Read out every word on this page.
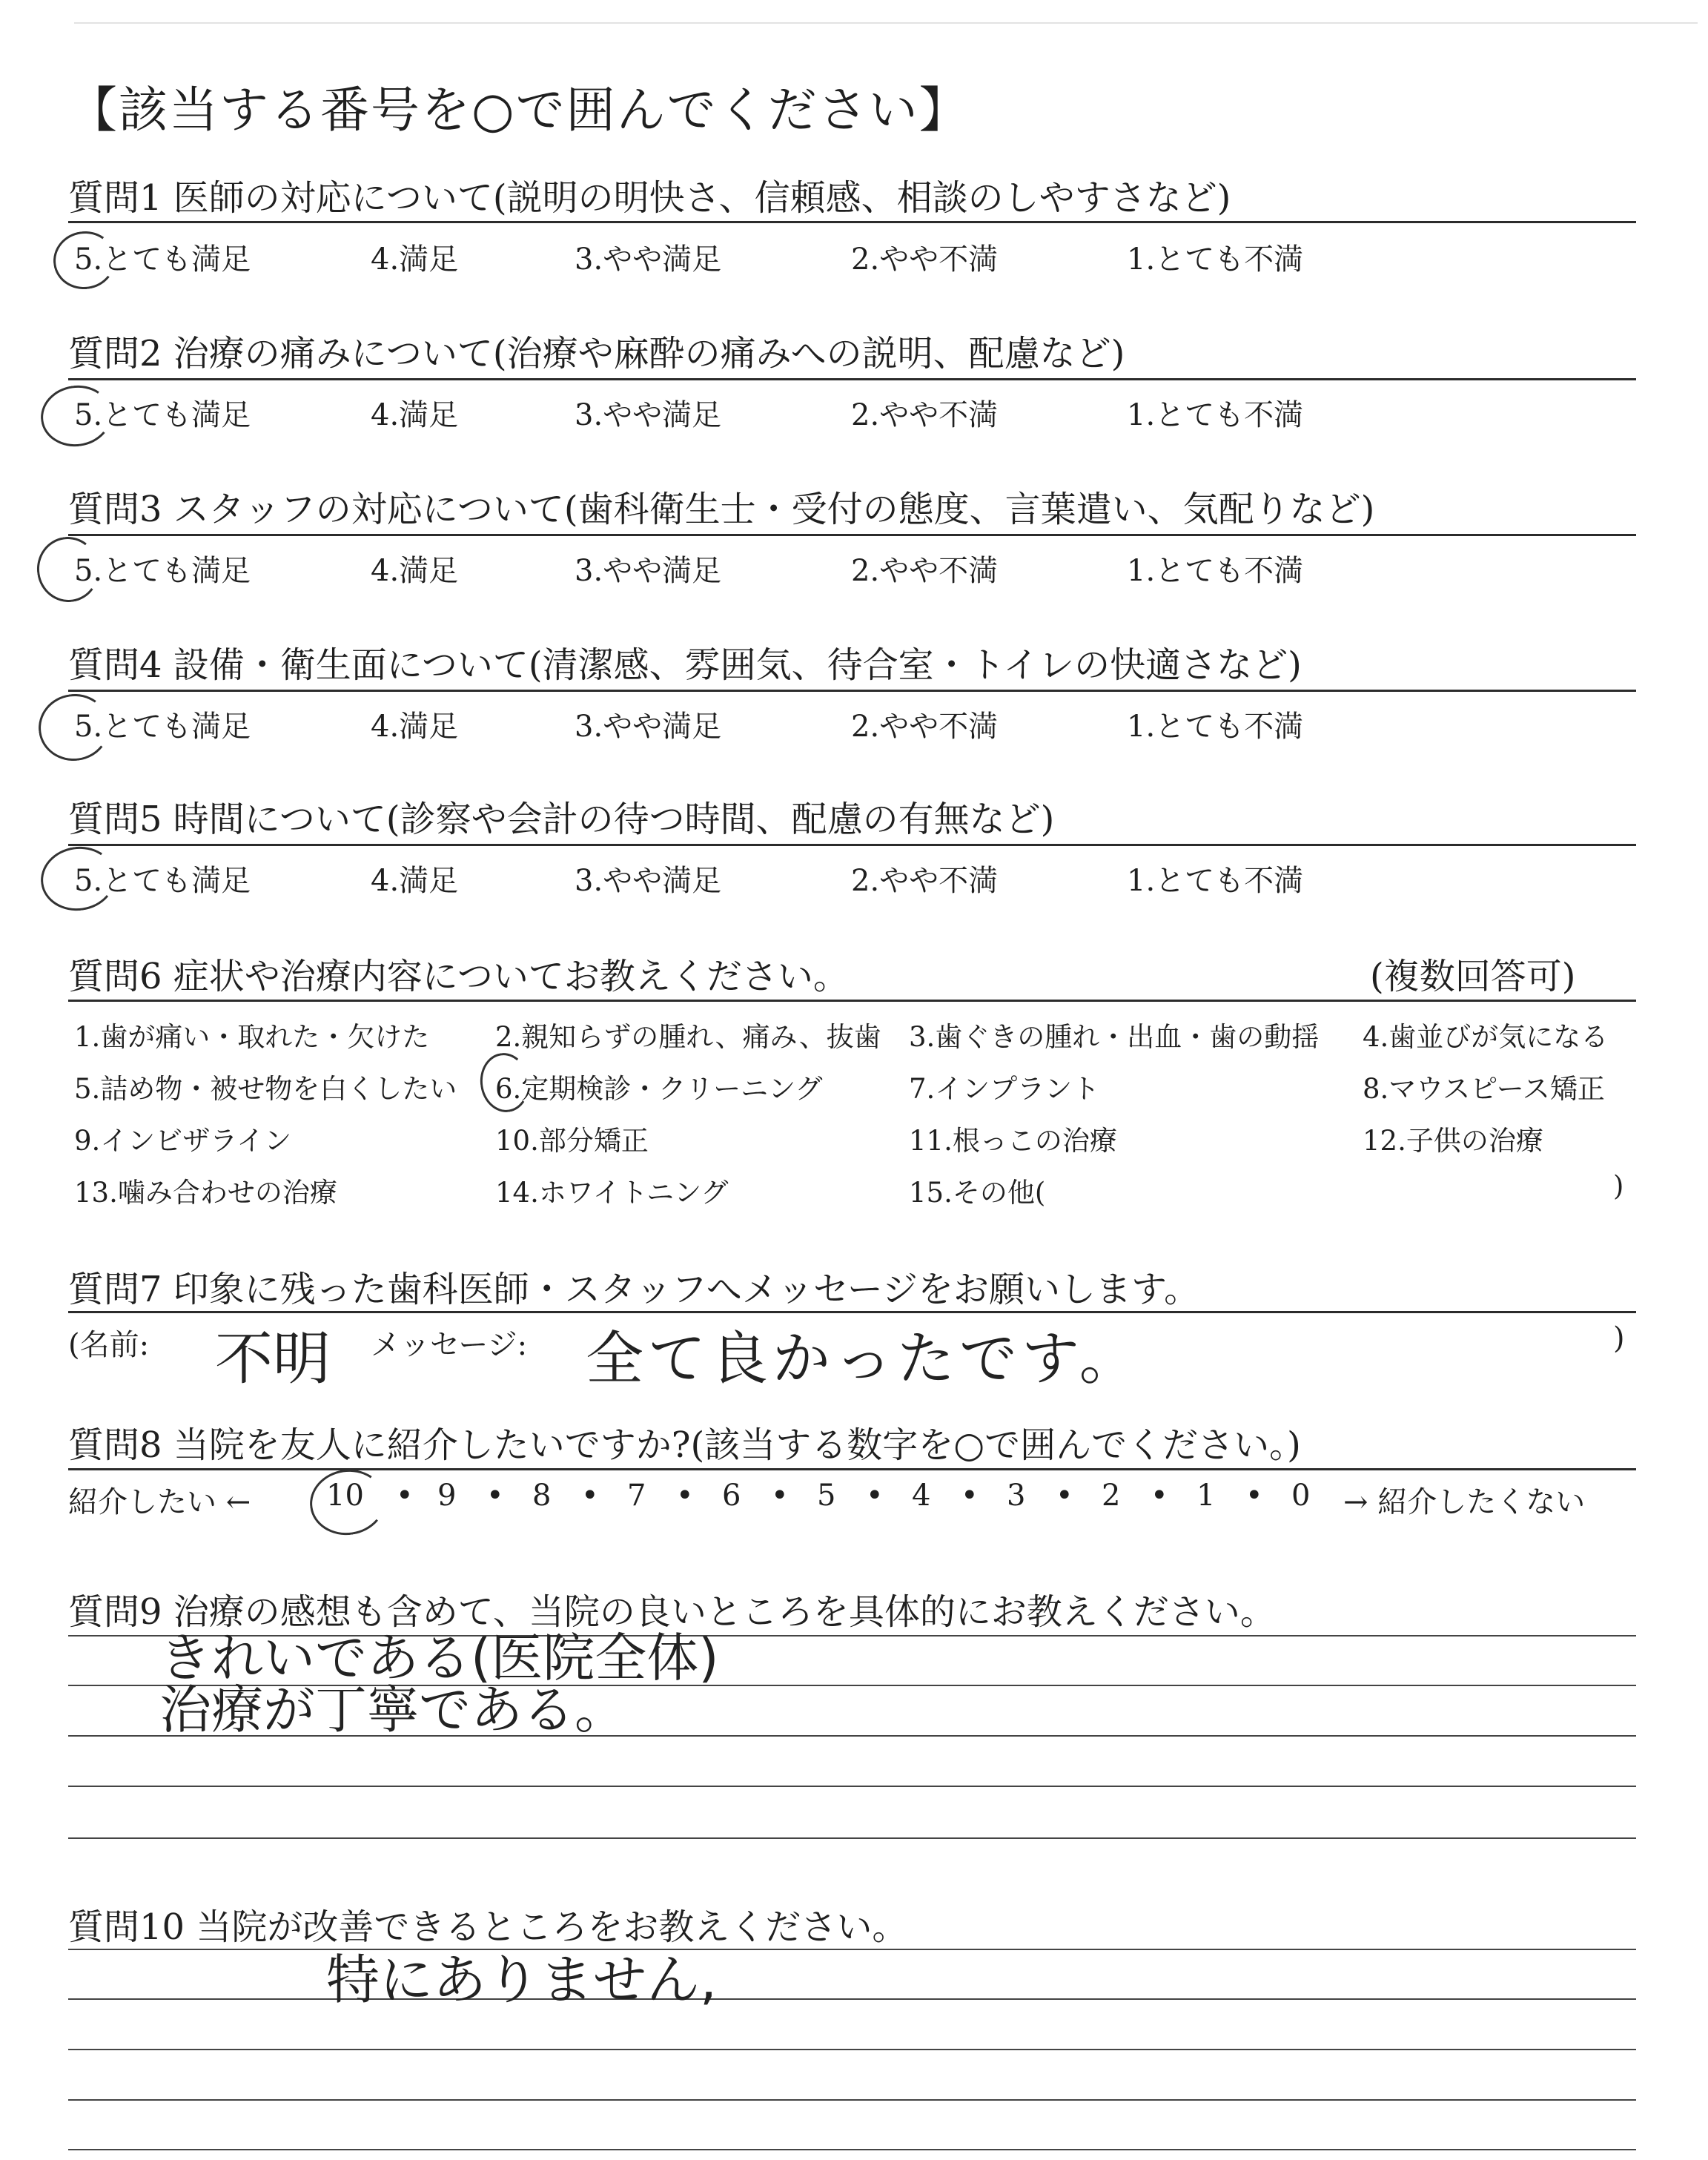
【該当する番号を○で囲んでください】
質問1 医師の対応について(説明の明快さ、信頼感、相談のしやすさなど)
5.とても満足	4.満足	3.やや満足	2.やや不満	1.とても不満
質問2 治療の痛みについて(治療や麻酔の痛みへの説明、配慮など)
5.とても満足	4.満足	3.やや満足	2.やや不満	1.とても不満
質問3 スタッフの対応について(歯科衛生士・受付の態度、言葉遣い、気配りなど)
5.とても満足	4.満足	3.やや満足	2.やや不満	1.とても不満
質問4 設備・衛生面について(清潔感、雰囲気、待合室・トイレの快適さなど)
5.とても満足	4.満足	3.やや満足	2.やや不満	1.とても不満
質問5 時間について(診察や会計の待つ時間、配慮の有無など)
5.とても満足	4.満足	3.やや満足	2.やや不満	1.とても不満
質問6 症状や治療内容についてお教えください。	(複数回答可)
1.歯が痛い・取れた・欠けた 2.親知らずの腫れ、痛み、抜歯 3.歯ぐきの腫れ・出血・歯の動揺 4.歯並びが気になる
5.詰め物・被せ物を白くしたい 6.定期検診・クリーニング	7.インプラント	8.マウスピース矯正
9.インビザライン	10.部分矯正	11.根っこの治療	12.子供の治療
13.噛み合わせの治療	14.ホワイトニング	15.その他(	)
質問7 印象に残った歯科医師・スタッフへメッセージをお願いします。
(名前: 不明 メッセージ: 全て良かったです。	)
質問8 当院を友人に紹介したいですか?(該当する数字を○で囲んでください。)
紹介したい ←	10 9	8	7	6	5	4	3	2	1	0
• •	•	•	•	•	•	•	•	•	→ 紹介したくない
質問9 治療の感想も含めて、当院の良いところを具体的にお教えください。
きれいである(医院全体)
治療が丁寧である。
質問10 当院が改善できるところをお教えください。
特にありません,
